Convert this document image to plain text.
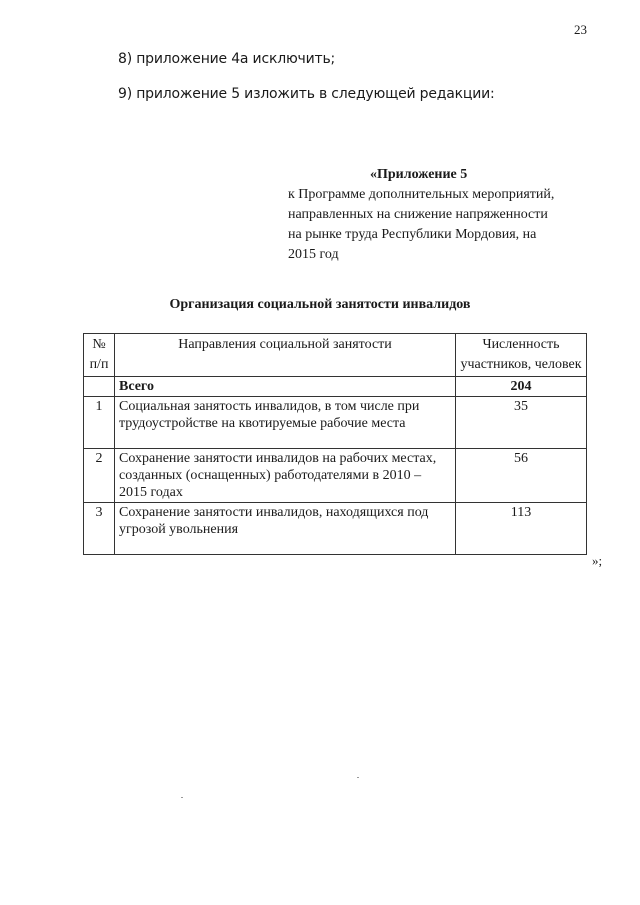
23
8) приложение 4а исключить;
9) приложение 5 изложить в следующей редакции:
«Приложение 5
к Программе дополнительных мероприятий,
направленных на снижение напряженности
на рынке труда Республики Мордовия, на
2015 год
Организация социальной занятости инвалидов
№ п/п	Направления социальной занятости	Численность участников, человек
	Всего	204
1	Социальная занятость инвалидов, в том числе при трудоустройстве на квотируемые рабочие места	35
2	Сохранение занятости инвалидов на рабочих местах, созданных (оснащенных) работодателями в 2010 – 2015 годах	56
3	Сохранение занятости инвалидов, находящихся под угрозой увольнения	113
»;
